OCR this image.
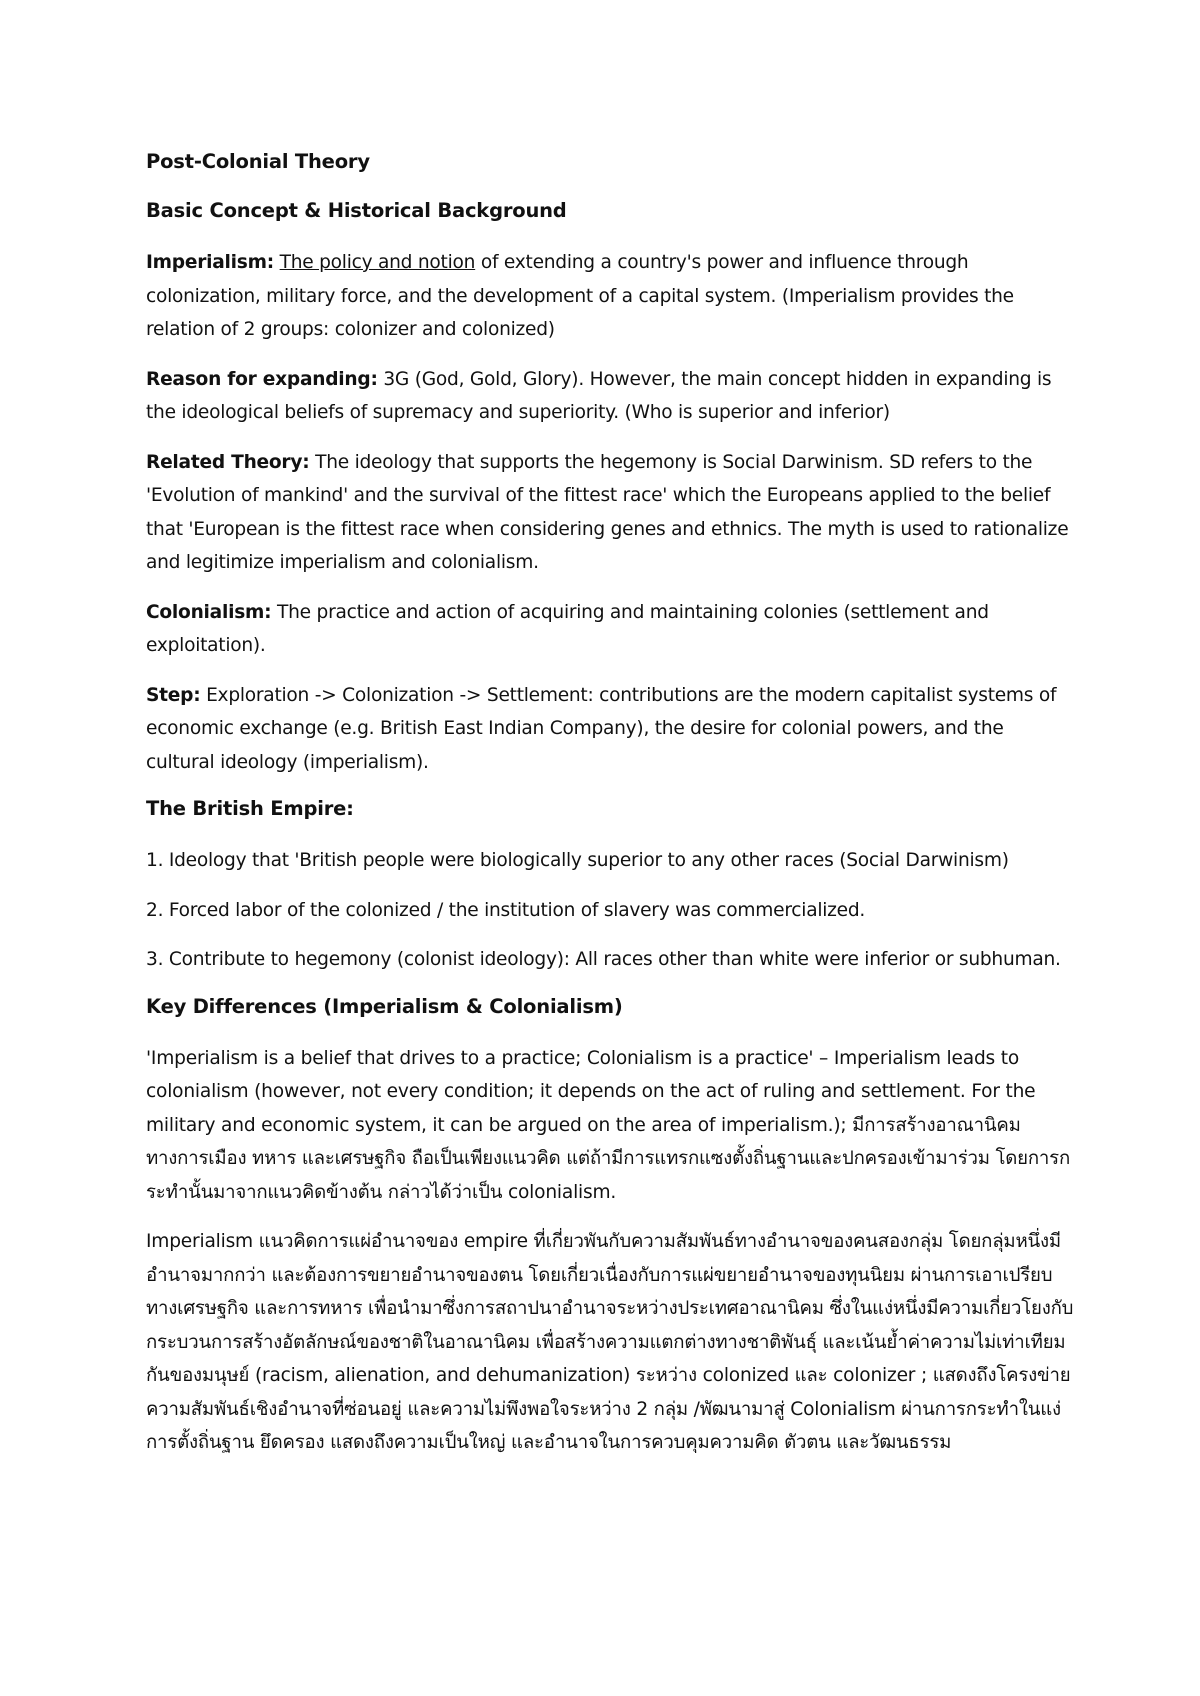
Post-Colonial Theory
Basic Concept & Historical Background

Imperialism: The policy and notion of extending a country's power and influence through colonization, military force, and the development of a capital system. (Imperialism provides the relation of 2 groups: colonizer and colonized)

Reason for expanding: 3G (God, Gold, Glory). However, the main concept hidden in expanding is the ideological beliefs of supremacy and superiority. (Who is superior and inferior)

Related Theory: The ideology that supports the hegemony is Social Darwinism. SD refers to the 'Evolution of mankind' and the survival of the fittest race' which the Europeans applied to the belief that 'European is the fittest race when considering genes and ethnics. The myth is used to rationalize and legitimize imperialism and colonialism.

Colonialism: The practice and action of acquiring and maintaining colonies (settlement and exploitation).

Step: Exploration -> Colonization -> Settlement: contributions are the modern capitalist systems of economic exchange (e.g. British East Indian Company), the desire for colonial powers, and the cultural ideology (imperialism).

The British Empire:

1. Ideology that 'British people were biologically superior to any other races (Social Darwinism)

2. Forced labor of the colonized / the institution of slavery was commercialized.

3. Contribute to hegemony (colonist ideology): All races other than white were inferior or subhuman.

Key Differences (Imperialism & Colonialism)

'Imperialism is a belief that drives to a practice; Colonialism is a practice' – Imperialism leads to colonialism (however, not every condition; it depends on the act of ruling and settlement. For the military and economic system, it can be argued on the area of imperialism.); มีการสร้างอาณานิคม ทางการเมือง ทหาร และเศรษฐกิจ ถือเป็นเพียงแนวคิด แต่ถ้ามีการแทรกแซงตั้งถิ่นฐานและปกครองเข้ามาร่วม โดยการกระทำนั้นมาจากแนวคิดข้างต้น กล่าวได้ว่าเป็น colonialism.

Imperialism แนวคิดการแผ่อำนาจของ empire ที่เกี่ยวพันกับความสัมพันธ์ทางอำนาจของคนสองกลุ่ม โดยกลุ่มหนึ่งมีอำนาจมากกว่า และต้องการขยายอำนาจของตน โดยเกี่ยวเนื่องกับการแผ่ขยายอำนาจของทุนนิยม ผ่านการเอาเปรียบทางเศรษฐกิจ และการทหาร เพื่อนำมาซึ่งการสถาปนาอำนาจระหว่างประเทศอาณานิคม ซึ่งในแง่หนึ่งมีความเกี่ยวโยงกับกระบวนการสร้างอัตลักษณ์ของชาติในอาณานิคม เพื่อสร้างความแตกต่างทางชาติพันธุ์ และเน้นย้ำค่าความไม่เท่าเทียมกันของมนุษย์ (racism, alienation, and dehumanization) ระหว่าง colonized และ colonizer ; แสดงถึงโครงข่ายความสัมพันธ์เชิงอำนาจที่ซ่อนอยู่ และความไม่พึงพอใจระหว่าง 2 กลุ่ม /พัฒนามาสู่ Colonialism ผ่านการกระทำในแง่การตั้งถิ่นฐาน ยึดครอง แสดงถึงความเป็นใหญ่ และอำนาจในการควบคุมความคิด ตัวตน และวัฒนธรรม
